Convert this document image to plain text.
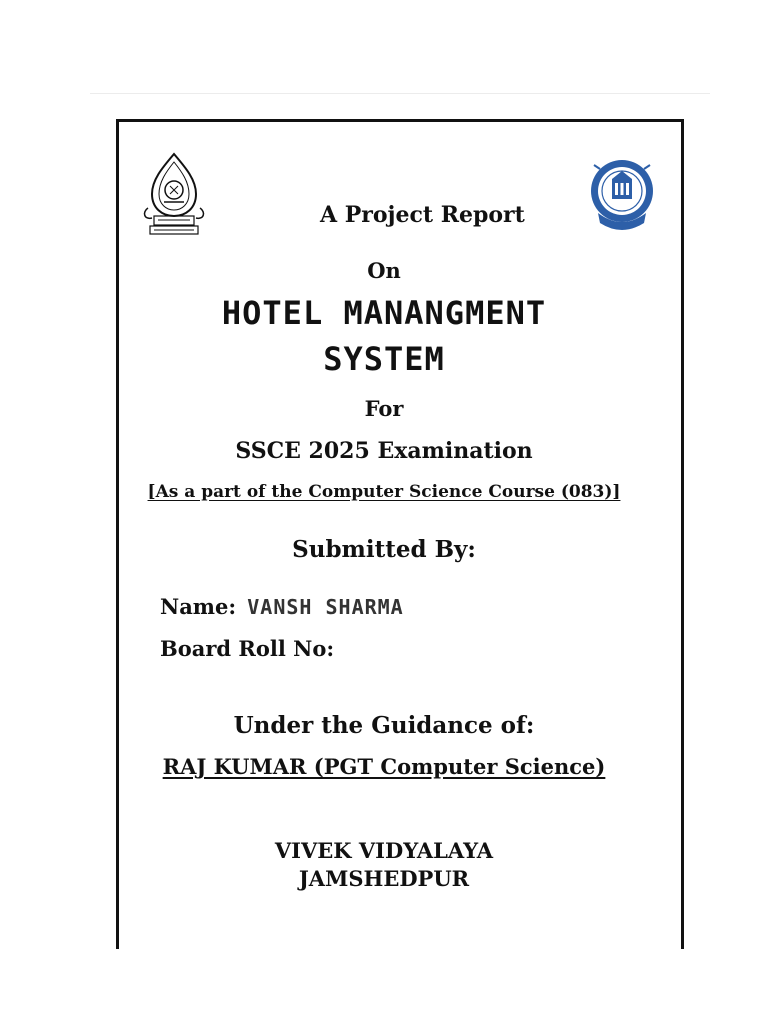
A Project Report
On
HOTEL MANANGMENT
SYSTEM
For
SSCE 2025 Examination
[As a part of the Computer Science Course (083)]
Submitted By:
Name: VANSH SHARMA
Board Roll No:
Under the Guidance of:
RAJ KUMAR (PGT Computer Science)
VIVEK VIDYALAYA
JAMSHEDPUR
